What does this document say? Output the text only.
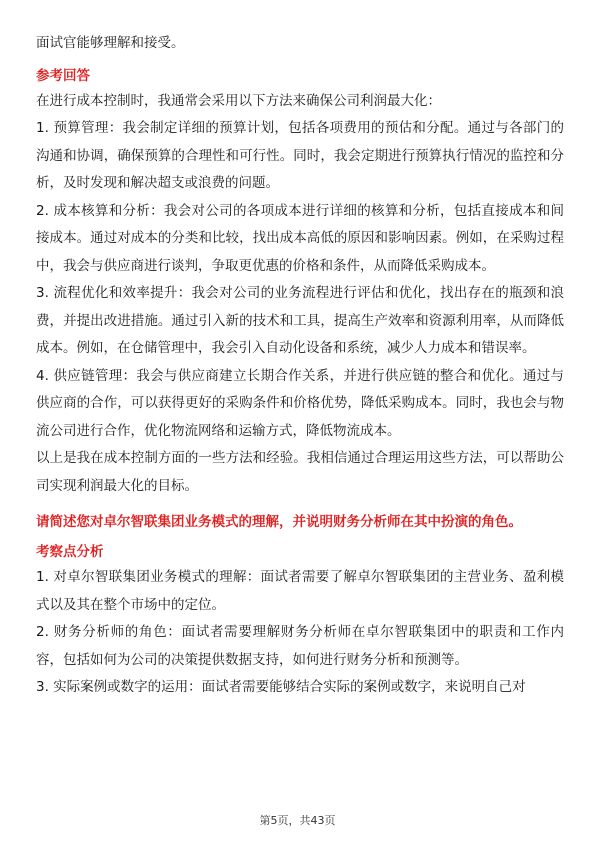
面试官能够理解和接受。

参考回答

在进行成本控制时，我通常会采用以下方法来确保公司利润最大化：

1. 预算管理：我会制定详细的预算计划，包括各项费用的预估和分配。通过与各部门的沟通和协调，确保预算的合理性和可行性。同时，我会定期进行预算执行情况的监控和分析，及时发现和解决超支或浪费的问题。

2. 成本核算和分析：我会对公司的各项成本进行详细的核算和分析，包括直接成本和间接成本。通过对成本的分类和比较，找出成本高低的原因和影响因素。例如，在采购过程中，我会与供应商进行谈判，争取更优惠的价格和条件，从而降低采购成本。

3. 流程优化和效率提升：我会对公司的业务流程进行评估和优化，找出存在的瓶颈和浪费，并提出改进措施。通过引入新的技术和工具，提高生产效率和资源利用率，从而降低成本。例如，在仓储管理中，我会引入自动化设备和系统，减少人力成本和错误率。

4. 供应链管理：我会与供应商建立长期合作关系，并进行供应链的整合和优化。通过与供应商的合作，可以获得更好的采购条件和价格优势，降低采购成本。同时，我也会与物流公司进行合作，优化物流网络和运输方式，降低物流成本。

以上是我在成本控制方面的一些方法和经验。我相信通过合理运用这些方法，可以帮助公司实现利润最大化的目标。

请简述您对卓尔智联集团业务模式的理解，并说明财务分析师在其中扮演的角色。

考察点分析

1. 对卓尔智联集团业务模式的理解：面试者需要了解卓尔智联集团的主营业务、盈利模式以及其在整个市场中的定位。

2. 财务分析师的角色：面试者需要理解财务分析师在卓尔智联集团中的职责和工作内容，包括如何为公司的决策提供数据支持，如何进行财务分析和预测等。

3. 实际案例或数字的运用：面试者需要能够结合实际的案例或数字，来说明自己对

第5页，共43页
